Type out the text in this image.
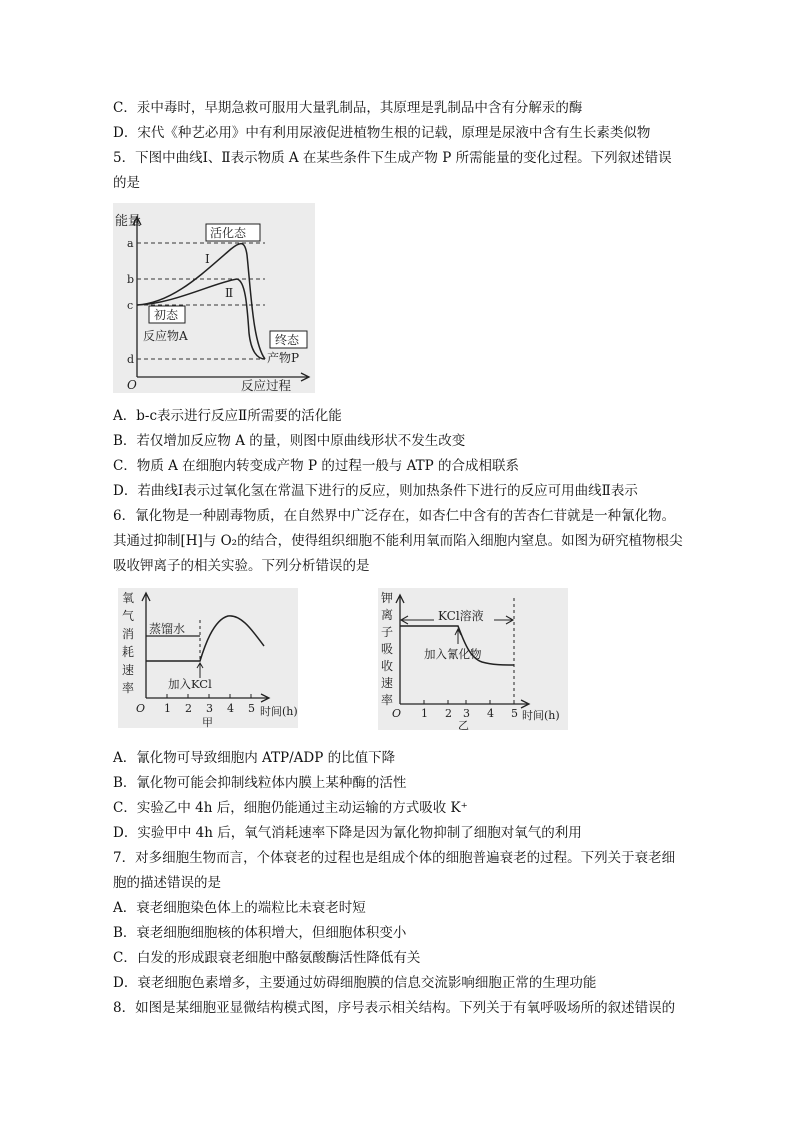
C．汞中毒时，早期急救可服用大量乳制品，其原理是乳制品中含有分解汞的酶
D．宋代《种艺必用》中有利用尿液促进植物生根的记载，原理是尿液中含有生长素类似物
5．下图中曲线Ⅰ、Ⅱ表示物质 A 在某些条件下生成产物 P 所需能量的变化过程。下列叙述错误
的是
能量
反应过程
O
a
b
c
d
Ⅰ
Ⅱ
活化态
初态
反应物A	终态
产物P
A．b-c表示进行反应Ⅱ所需要的活化能
B．若仅增加反应物 A 的量，则图中原曲线形状不发生改变
C．物质 A 在细胞内转变成产物 P 的过程一般与 ATP 的合成相联系
D．若曲线Ⅰ表示过氧化氢在常温下进行的反应，则加热条件下进行的反应可用曲线Ⅱ表示
6．氰化物是一种剧毒物质，在自然界中广泛存在，如杏仁中含有的苦杏仁苷就是一种氰化物。
其通过抑制[H]与 O₂的结合，使得组织细胞不能利用氧而陷入细胞内窒息。如图为研究植物根尖
吸收钾离子的相关实验。下列分析错误的是
氧
气
消
耗
速
率
O 1 2 3 4 5 时间(h)
甲
蒸馏水
加入KCl
钾
离
子
吸
收
速
率
O 1 2 3 4 5 时间(h)
乙
KCl溶液
加入氰化物
A．氰化物可导致细胞内 ATP/ADP 的比值下降
B．氰化物可能会抑制线粒体内膜上某种酶的活性
C．实验乙中 4h 后，细胞仍能通过主动运输的方式吸收 K⁺
D．实验甲中 4h 后，氧气消耗速率下降是因为氰化物抑制了细胞对氧气的利用
7．对多细胞生物而言，个体衰老的过程也是组成个体的细胞普遍衰老的过程。下列关于衰老细
胞的描述错误的是
A．衰老细胞染色体上的端粒比未衰老时短
B．衰老细胞细胞核的体积增大，但细胞体积变小
C．白发的形成跟衰老细胞中酪氨酸酶活性降低有关
D．衰老细胞色素增多，主要通过妨碍细胞膜的信息交流影响细胞正常的生理功能
8．如图是某细胞亚显微结构模式图，序号表示相关结构。下列关于有氧呼吸场所的叙述错误的
